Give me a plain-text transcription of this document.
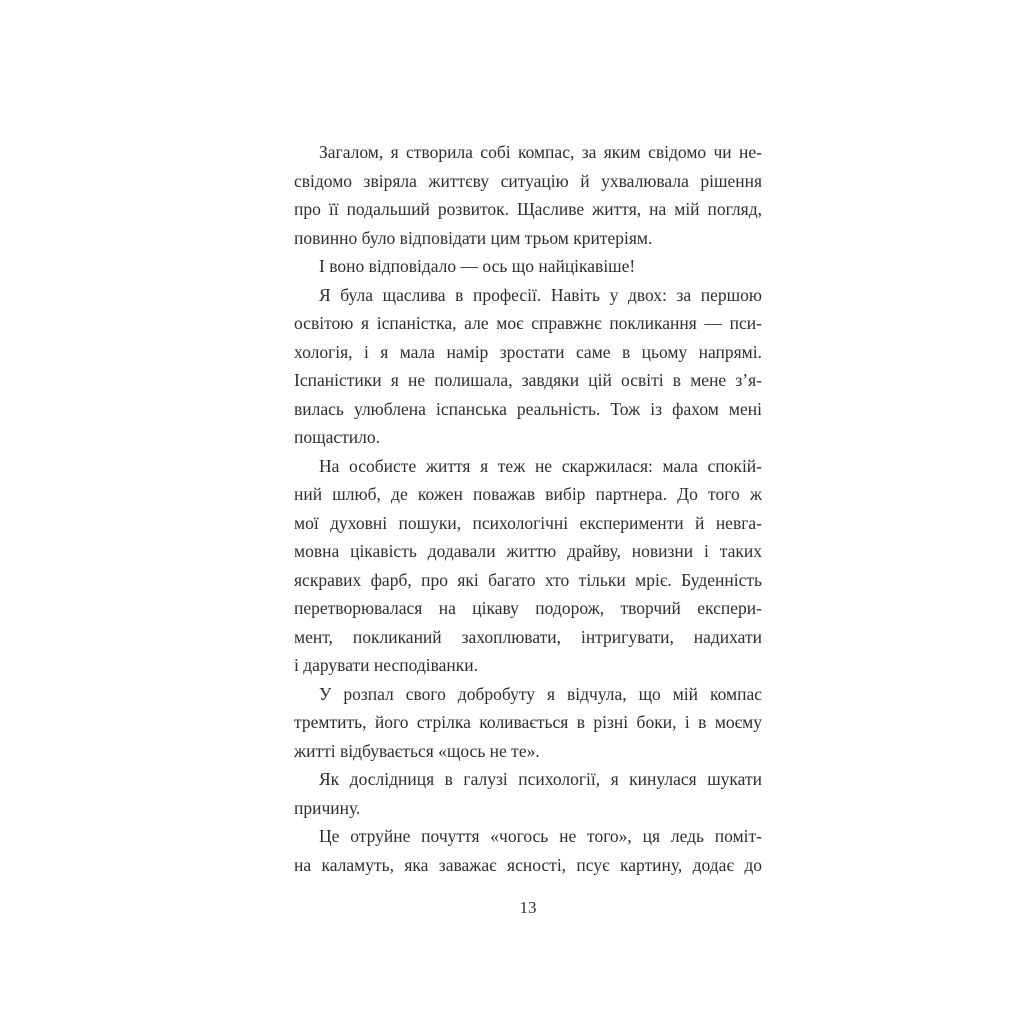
Загалом, я створила собі компас, за яким свідомо чи не-
свідомо звіряла життєву ситуацію й ухвалювала рішення
про її подальший розвиток. Щасливе життя, на мій погляд,
повинно було відповідати цим трьом критеріям.
І воно відповідало — ось що найцікавіше!
Я була щаслива в професії. Навіть у двох: за першою
освітою я іспаністка, але моє справжнє покликання — пси-
хологія, і я мала намір зростати саме в цьому напрямі.
Іспаністики я не полишала, завдяки цій освіті в мене з’я-
вилась улюблена іспанська реальність. Тож із фахом мені
пощастило.
На особисте життя я теж не скаржилася: мала спокій-
ний шлюб, де кожен поважав вибір партнера. До того ж
мої духовні пошуки, психологічні експерименти й невга-
мовна цікавість додавали життю драйву, новизни і таких
яскравих фарб, про які багато хто тільки мріє. Буденність
перетворювалася на цікаву подорож, творчий експери-
мент, покликаний захоплювати, інтригувати, надихати
і дарувати несподіванки.
У розпал свого добробуту я відчула, що мій компас
тремтить, його стрілка коливається в різні боки, і в моєму
житті відбувається «щось не те».
Як дослідниця в галузі психології, я кинулася шукати
причину.
Це отруйне почуття «чогось не того», ця ледь поміт-
на каламуть, яка заважає ясності, псує картину, додає до
13
